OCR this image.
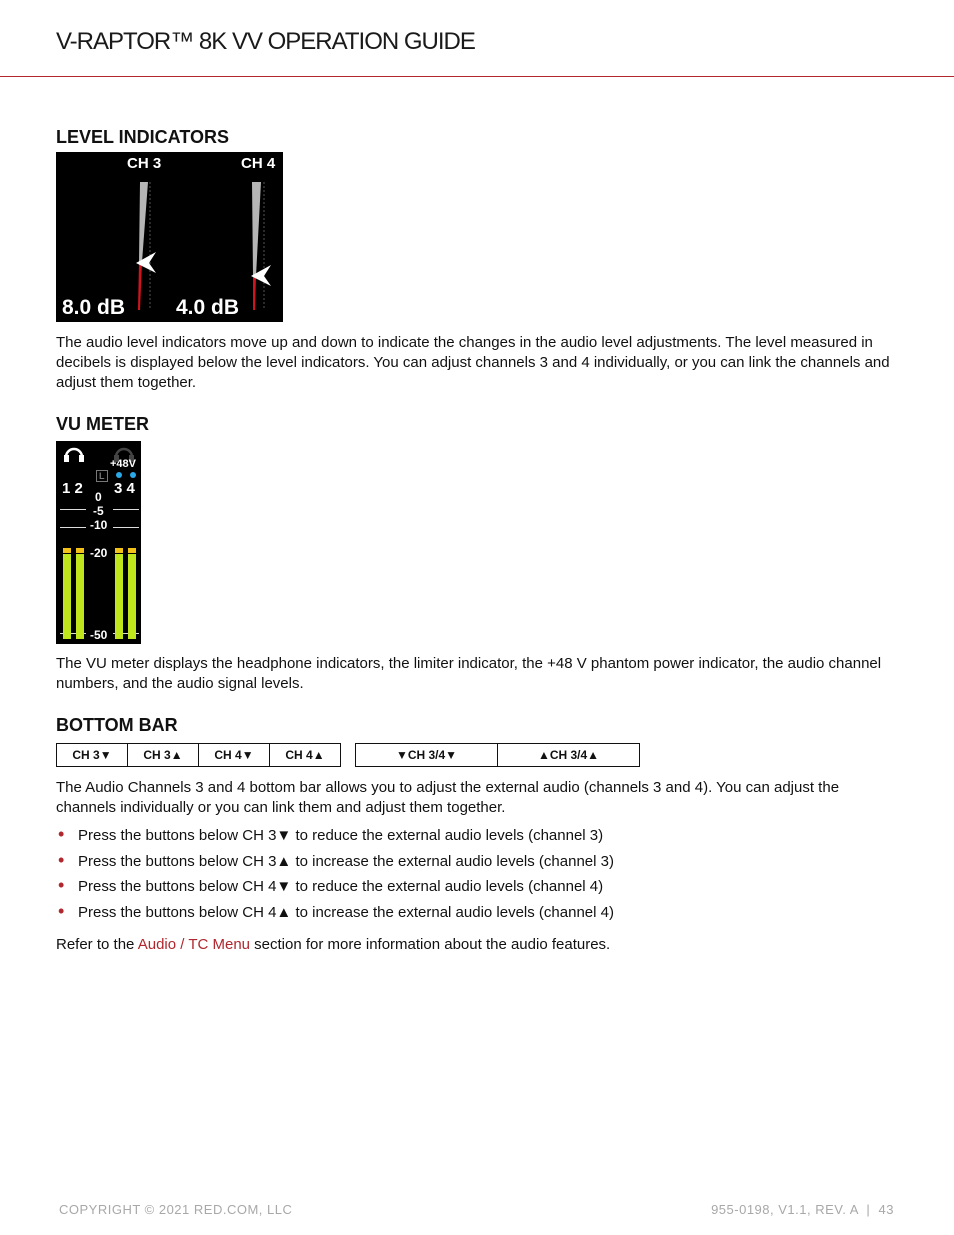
V-RAPTOR™ 8K VV OPERATION GUIDE
LEVEL INDICATORS
CH 3	CH 4
8.0 dB 4.0 dB

The audio level indicators move up and down to indicate the changes in the audio level adjustments. The level measured in decibels is displayed below the level indicators. You can adjust channels 3 and 4 individually, or you can link the channels and adjust them together.

VU METER
+48V
L
1 2 3 4
0
-5
-10
-20
-50

The VU meter displays the headphone indicators, the limiter indicator, the +48 V phantom power indicator, the audio channel numbers, and the audio signal levels.

BOTTOM BAR
CH 3▼	CH 3▲	CH 4▼	CH 4▲	▼CH 3/4▼	▲CH 3/4▲

The Audio Channels 3 and 4 bottom bar allows you to adjust the external audio (channels 3 and 4). You can adjust the channels individually or you can link them and adjust them together.

• Press the buttons below CH 3▼ to reduce the external audio levels (channel 3)
• Press the buttons below CH 3▲ to increase the external audio levels (channel 3)
• Press the buttons below CH 4▼ to reduce the external audio levels (channel 4)
• Press the buttons below CH 4▲ to increase the external audio levels (channel 4)

Refer to the Audio / TC Menu section for more information about the audio features.

COPYRIGHT © 2021 RED.COM, LLC	955-0198, V1.1, REV. A  |  43
